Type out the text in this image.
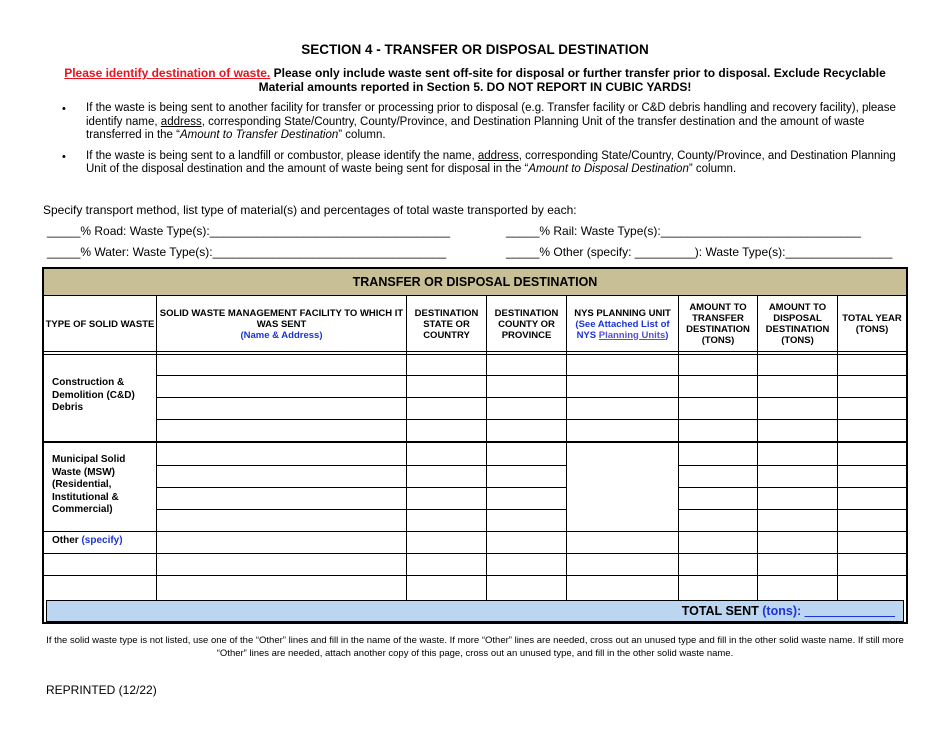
SECTION 4 - TRANSFER OR DISPOSAL DESTINATION
Please identify destination of waste. Please only include waste sent off-site for disposal or further transfer prior to disposal. Exclude Recyclable Material amounts reported in Section 5. DO NOT REPORT IN CUBIC YARDS!
• If the waste is being sent to another facility for transfer or processing prior to disposal (e.g. Transfer facility or C&D debris handling and recovery facility), please identify name, address, corresponding State/Country, County/Province, and Destination Planning Unit of the transfer destination and the amount of waste transferred in the “Amount to Transfer Destination” column.
• If the waste is being sent to a landfill or combustor, please identify the name, address, corresponding State/Country, County/Province, and Destination Planning Unit of the disposal destination and the amount of waste being sent for disposal in the “Amount to Disposal Destination” column.
Specify transport method, list type of material(s) and percentages of total waste transported by each:
_____% Road: Waste Type(s):____________________________________	_____% Rail: Waste Type(s):______________________________
_____% Water: Waste Type(s):___________________________________	_____% Other (specify: _________): Waste Type(s):________________
TRANSFER OR DISPOSAL DESTINATION
TYPE OF SOLID WASTE
SOLID WASTE MANAGEMENT FACILITY TO WHICH IT WAS SENT
(Name & Address)
DESTINATION STATE OR COUNTRY
DESTINATION COUNTY OR PROVINCE
NYS PLANNING UNIT
(See Attached List of NYS Planning Units)
AMOUNT TO TRANSFER DESTINATION (TONS)
AMOUNT TO DISPOSAL DESTINATION (TONS)
TOTAL YEAR (TONS)
Construction & Demolition (C&D) Debris
Municipal Solid Waste (MSW) (Residential, Institutional & Commercial)
Other (specify)
TOTAL SENT (tons): _____________
If the solid waste type is not listed, use one of the “Other” lines and fill in the name of the waste. If more “Other” lines are needed, cross out an unused type and fill in the other solid waste name. If still more “Other” lines are needed, attach another copy of this page, cross out an unused type, and fill in the other solid waste name.
REPRINTED (12/22)
